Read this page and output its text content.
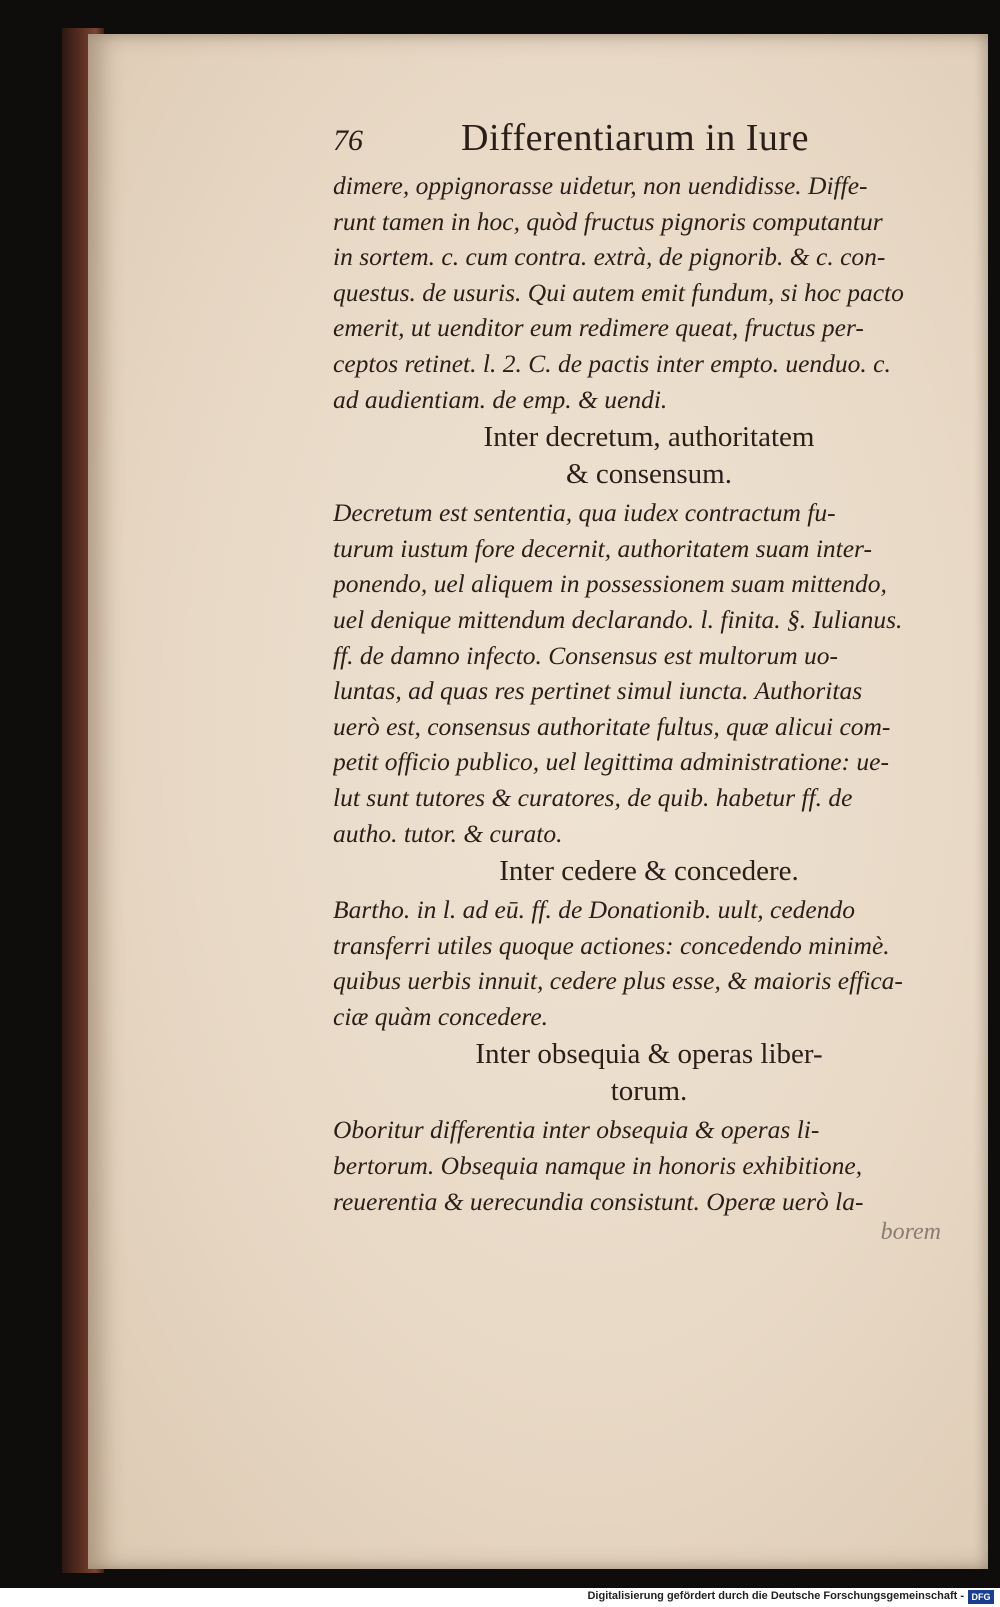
76	Differentiarum in Iure

dimere, oppignorasse uidetur, non uendidisse. Diffe-
runt tamen in hoc, quòd fructus pignoris computantur
in sortem. c. cum contra. extrà, de pignorib. & c. con-
questus. de usuris. Qui autem emit fundum, si hoc pacto
emerit, ut uenditor eum redimere queat, fructus per-
ceptos retinet. l. 2. C. de pactis inter empto. uenduo. c.
ad audientiam. de emp. & uendi.

Inter decretum, authoritatem
& consensum.

Decretum est sententia, qua iudex contractum fu-
turum iustum fore decernit, authoritatem suam inter-
ponendo, uel aliquem in possessionem suam mittendo,
uel denique mittendum declarando. l. finita. §. Iulianus.
ff. de damno infecto. Consensus est multorum uo-
luntas, ad quas res pertinet simul iuncta. Authoritas
uerò est, consensus authoritate fultus, quæ alicui com-
petit officio publico, uel legittima administratione: ue-
lut sunt tutores & curatores, de quib. habetur ff. de
autho. tutor. & curato.

Inter cedere & concedere.

Bartho. in l. ad eū. ff. de Donationib. uult, cedendo
transferri utiles quoque actiones: concedendo minimè.
quibus uerbis innuit, cedere plus esse, & maioris effica-
ciæ quàm concedere.

Inter obsequia & operas liber-
torum.

Oboritur differentia inter obsequia & operas li-
bertorum. Obsequia namque in honoris exhibitione,
reuerentia & uerecundia consistunt. Operæ uerò la-

borem
Digitalisierung gefördert durch die Deutsche Forschungsgemeinschaft - DFG
